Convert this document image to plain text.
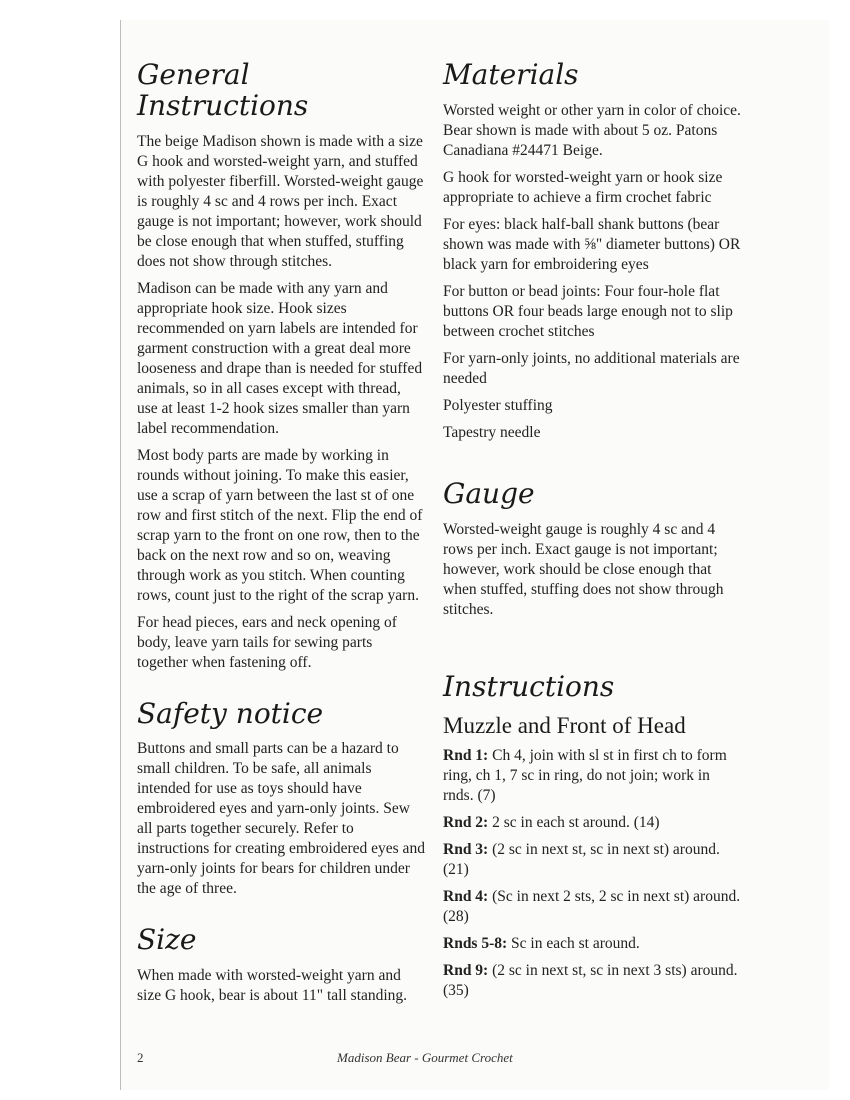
General Instructions

The beige Madison shown is made with a size G hook and worsted-weight yarn, and stuffed with polyester fiberfill. Worsted-weight gauge is roughly 4 sc and 4 rows per inch. Exact gauge is not important; however, work should be close enough that when stuffed, stuffing does not show through stitches.

Madison can be made with any yarn and appropriate hook size. Hook sizes recommended on yarn labels are intended for garment construction with a great deal more looseness and drape than is needed for stuffed animals, so in all cases except with thread, use at least 1-2 hook sizes smaller than yarn label recommendation.

Most body parts are made by working in rounds without joining. To make this easier, use a scrap of yarn between the last st of one row and first stitch of the next. Flip the end of scrap yarn to the front on one row, then to the back on the next row and so on, weaving through work as you stitch. When counting rows, count just to the right of the scrap yarn.

For head pieces, ears and neck opening of body, leave yarn tails for sewing parts together when fastening off.

Safety notice

Buttons and small parts can be a hazard to small children. To be safe, all animals intended for use as toys should have embroidered eyes and yarn-only joints. Sew all parts together securely. Refer to instructions for creating embroidered eyes and yarn-only joints for bears for children under the age of three.

Size

When made with worsted-weight yarn and size G hook, bear is about 11" tall standing.

Materials

Worsted weight or other yarn in color of choice. Bear shown is made with about 5 oz. Patons Canadiana #24471 Beige.

G hook for worsted-weight yarn or hook size appropriate to achieve a firm crochet fabric

For eyes: black half-ball shank buttons (bear shown was made with ⅝" diameter buttons) OR black yarn for embroidering eyes

For button or bead joints: Four four-hole flat buttons OR four beads large enough not to slip between crochet stitches

For yarn-only joints, no additional materials are needed

Polyester stuffing

Tapestry needle

Gauge

Worsted-weight gauge is roughly 4 sc and 4 rows per inch. Exact gauge is not important; however, work should be close enough that when stuffed, stuffing does not show through stitches.

Instructions
Muzzle and Front of Head

Rnd 1: Ch 4, join with sl st in first ch to form ring, ch 1, 7 sc in ring, do not join; work in rnds. (7)

Rnd 2: 2 sc in each st around. (14)

Rnd 3: (2 sc in next st, sc in next st) around. (21)

Rnd 4: (Sc in next 2 sts, 2 sc in next st) around. (28)

Rnds 5-8: Sc in each st around.

Rnd 9: (2 sc in next st, sc in next 3 sts) around. (35)

2	Madison Bear - Gourmet Crochet
